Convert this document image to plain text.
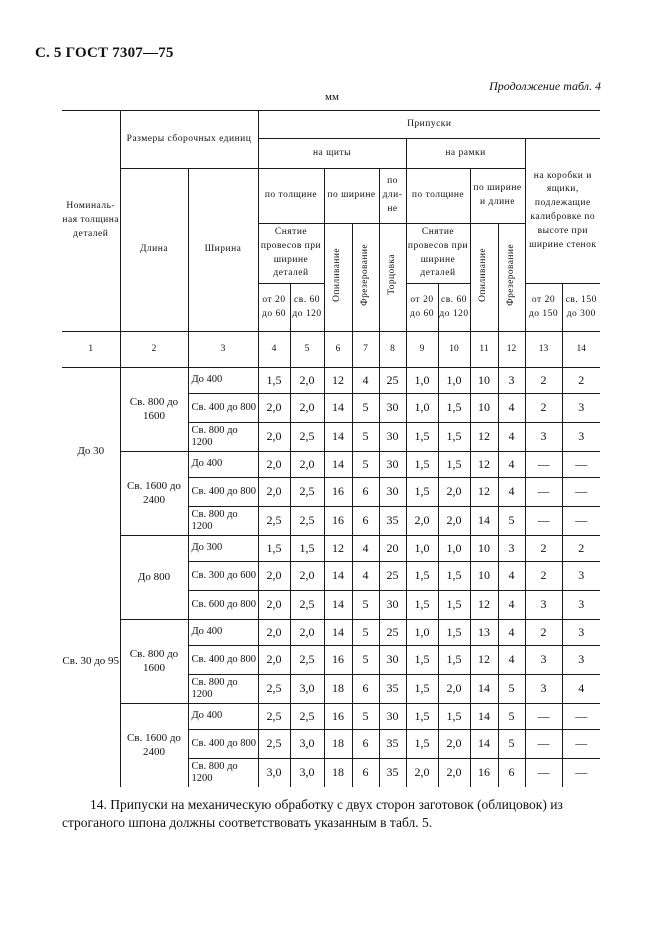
С. 5 ГОСТ 7307—75
Продолжение табл. 4
мм
Номиналь-ная толщина деталей	Размеры сборочных единиц		Припуски										
			на щиты					на рамки				на коробки и ящики, подлежащие калибровке по высоте при ширине стенок	
	Длина	Ширина	по толщине		по ширине		по дли-не	по толщине		по ширине и длине			
			Снятие провесов при ширине деталей		Опиливание	Фрезерование	Торцовка	Снятие провесов при ширине деталей		Опиливание	Фрезерование		
			от 20 до 60	св. 60 до 120				от 20 до 60	св. 60 до 120			от 20 до 150	св. 150 до 300
1	2	3	4	5	6	7	8	9	10	11	12	13	14
До 30	Св. 800 до 1600	До 400	1,5	2,0	12	4	25	1,0	1,0	10	3	2	2
		Св. 400 до 800	2,0	2,0	14	5	30	1,0	1,5	10	4	2	3
		Св. 800 до 1200	2,0	2,5	14	5	30	1,5	1,5	12	4	3	3
	Св. 1600 до 2400	До 400	2,0	2,0	14	5	30	1,5	1,5	12	4	—	—
		Св. 400 до 800	2,0	2,5	16	6	30	1,5	2,0	12	4	—	—
		Св. 800 до 1200	2,5	2,5	16	6	35	2,0	2,0	14	5	—	—
Св. 30 до 95	До 800	До 300	1,5	1,5	12	4	20	1,0	1,0	10	3	2	2
		Св. 300 до 600	2,0	2,0	14	4	25	1,5	1,5	10	4	2	3
		Св. 600 до 800	2,0	2,5	14	5	30	1,5	1,5	12	4	3	3
	Св. 800 до 1600	До 400	2,0	2,0	14	5	25	1,0	1,5	13	4	2	3
		Св. 400 до 800	2,0	2,5	16	5	30	1,5	1,5	12	4	3	3
		Св. 800 до 1200	2,5	3,0	18	6	35	1,5	2,0	14	5	3	4
	Св. 1600 до 2400	До 400	2,5	2,5	16	5	30	1,5	1,5	14	5	—	—
		Св. 400 до 800	2,5	3,0	18	6	35	1,5	2,0	14	5	—	—
		Св. 800 до 1200	3,0	3,0	18	6	35	2,0	2,0	16	6	—	—
14. Припуски на механическую обработку с двух сторон заготовок (облицовок) из строганого шпона должны соответствовать указанным в табл. 5.
